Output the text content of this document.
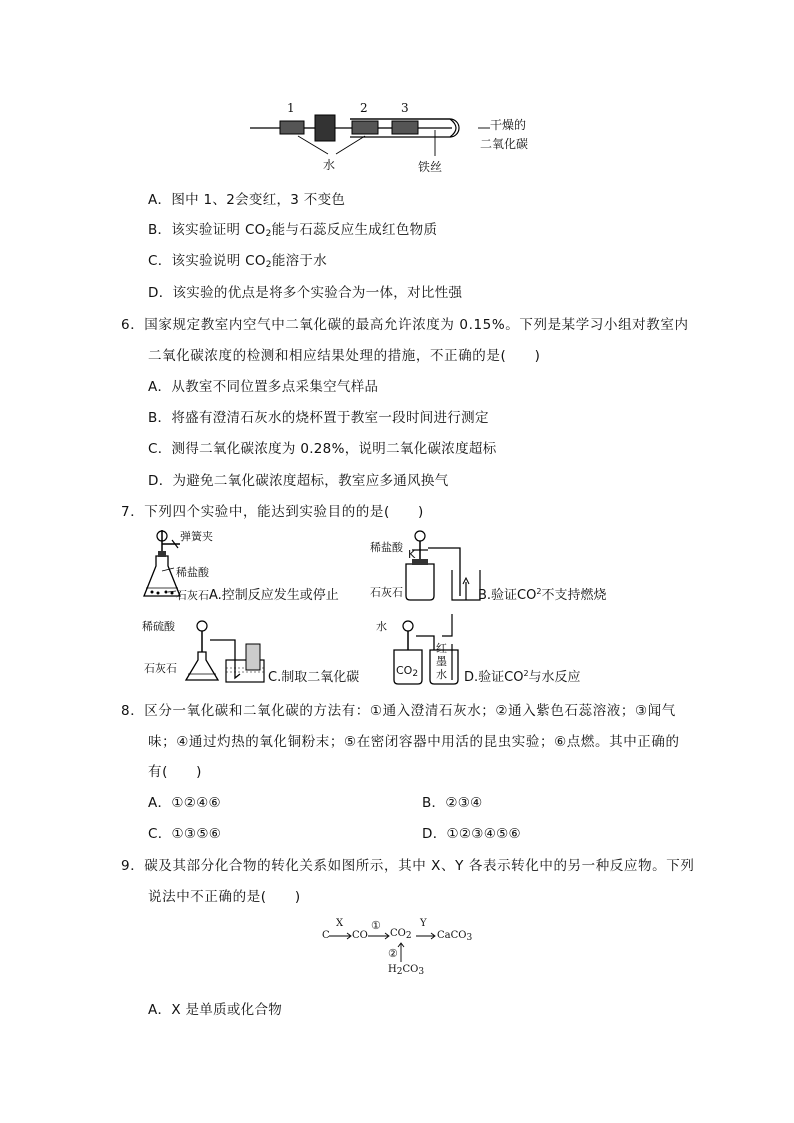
1	2	3
水	铁丝
干燥的
二氧化碳
A．图中 1、2会变红，3 不变色
B．该实验证明 $CO_2$能与石蕊反应生成红色物质
C．该实验说明 $CO_2$能溶于水
D．该实验的优点是将多个实验合为一体，对比性强
6．国家规定教室内空气中二氧化碳的最高允许浓度为 0.15%。下列是某学习小组对教室内
二氧化碳浓度的检测和相应结果处理的措施，不正确的是(　　)
A．从教室不同位置多点采集空气样品
B．将盛有澄清石灰水的烧杯置于教室一段时间进行测定
C．测得二氧化碳浓度为 0.28%，说明二氧化碳浓度超标
D．为避免二氧化碳浓度超标，教室应多通风换气
7．下列四个实验中，能达到实验目的的是(　　)
弹簧夹
稀盐酸
石灰石A.控制反应发生或停止
稀盐酸
K
石灰石	B.验证$CO^2$不支持燃烧
稀硫酸
石灰石
C.制取二氧化碳
水
$CO_2$
红
墨
水 D.验证$CO^2$与水反应
8．区分一氧化碳和二氧化碳的方法有：①通入澄清石灰水；②通入紫色石蕊溶液；③闻气
味；④通过灼热的氧化铜粉末；⑤在密闭容器中用活的昆虫实验；⑥点燃。其中正确的
有(　　)
A．①②④⑥	B．②③④
C．①③⑤⑥	D．①②③④⑤⑥
9．碳及其部分化合物的转化关系如图所示，其中 X、Y 各表示转化中的另一种反应物。下列
说法中不正确的是(　　)
C
X
CO
①
$CO_2$
Y
CaCO$_3$
②
$H_2CO_3$
A．X 是单质或化合物
